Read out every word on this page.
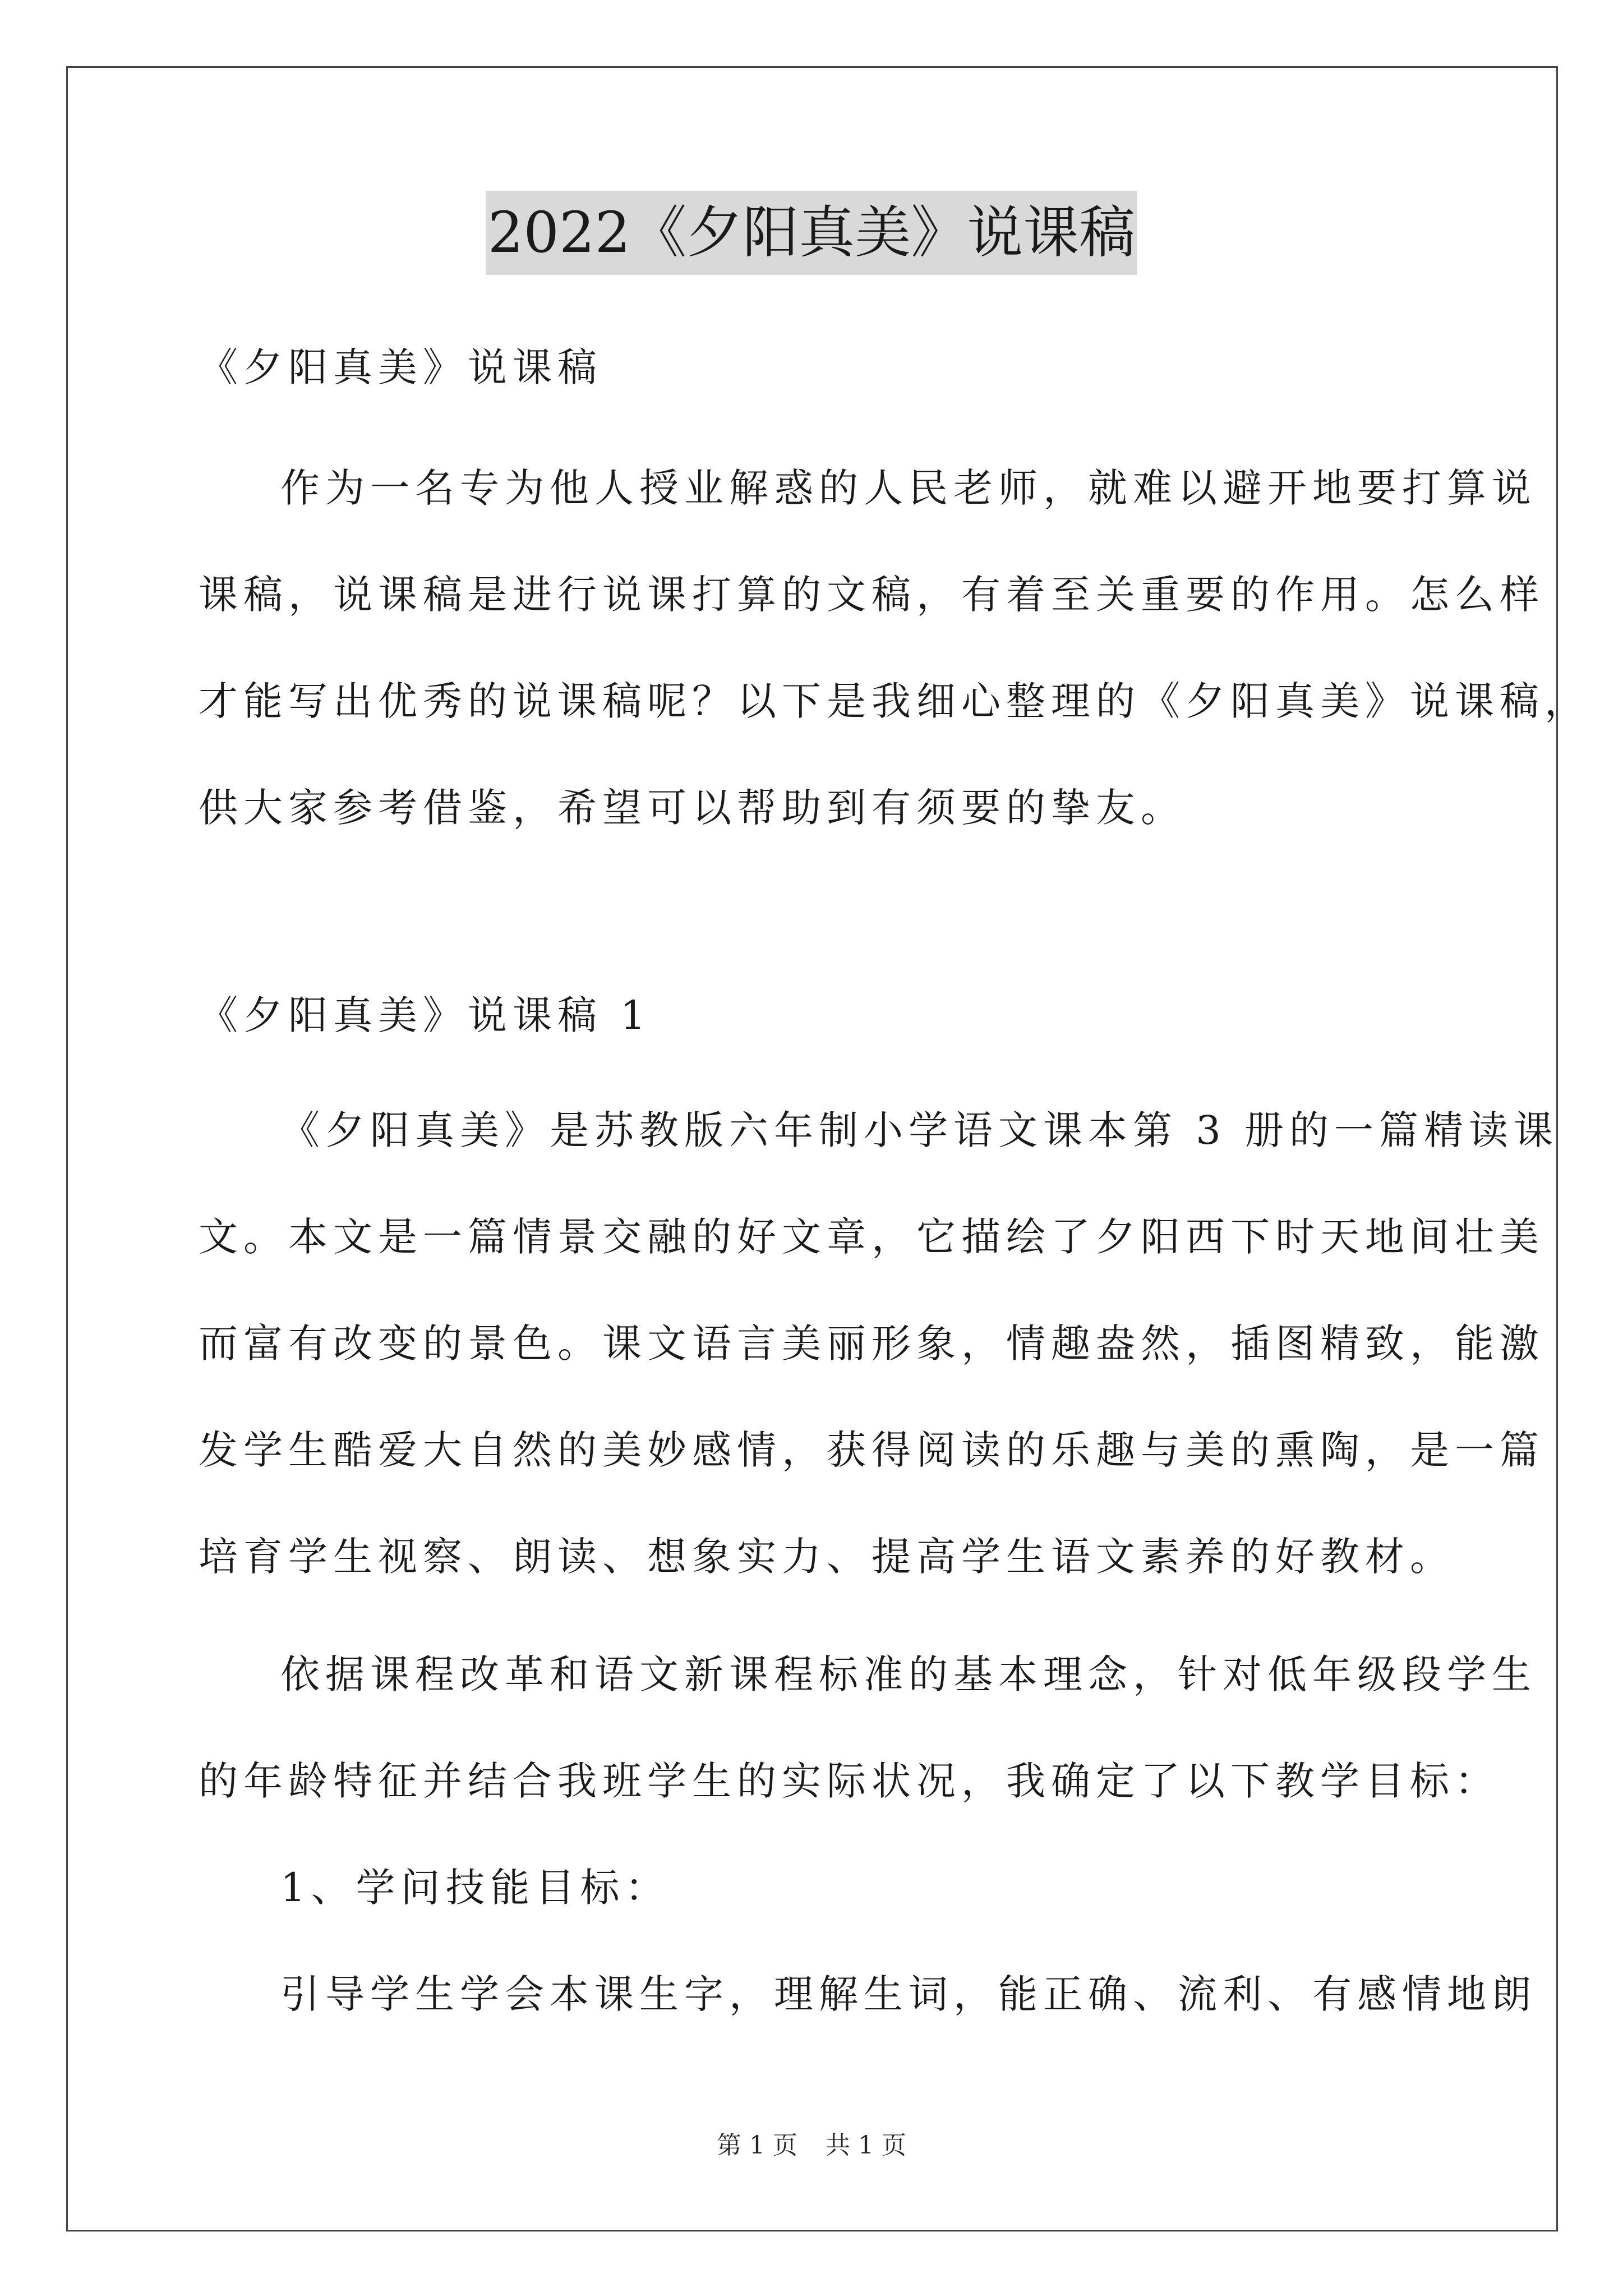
2022《夕阳真美》说课稿
《夕阳真美》说课稿
作为一名专为他人授业解惑的人民老师，就难以避开地要打算说
课稿，说课稿是进行说课打算的文稿，有着至关重要的作用。怎么样
才能写出优秀的说课稿呢？以下是我细心整理的《夕阳真美》说课稿，
供大家参考借鉴，希望可以帮助到有须要的挚友。
《夕阳真美》说课稿 1
《夕阳真美》是苏教版六年制小学语文课本第 3 册的一篇精读课
文。本文是一篇情景交融的好文章，它描绘了夕阳西下时天地间壮美
而富有改变的景色。课文语言美丽形象，情趣盎然，插图精致，能激
发学生酷爱大自然的美妙感情，获得阅读的乐趣与美的熏陶，是一篇
培育学生视察、朗读、想象实力、提高学生语文素养的好教材。
依据课程改革和语文新课程标准的基本理念，针对低年级段学生
的年龄特征并结合我班学生的实际状况，我确定了以下教学目标：
1、学问技能目标：
引导学生学会本课生字，理解生词，能正确、流利、有感情地朗
第 1 页 共 1 页
